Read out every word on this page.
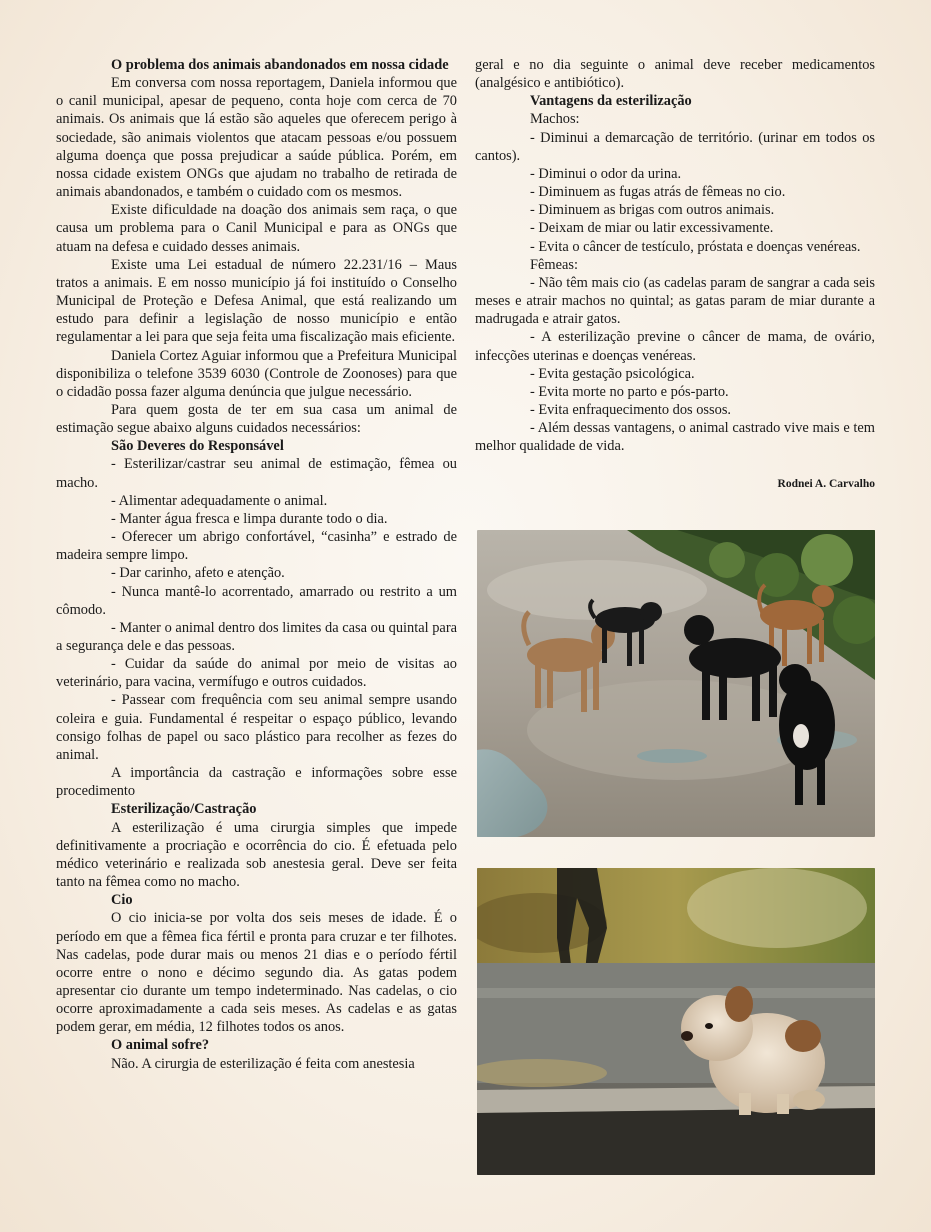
O problema dos animais abandonados em nossa cidade

Em conversa com nossa reportagem, Daniela informou que o canil municipal, apesar de pequeno, conta hoje com cerca de 70 animais. Os animais que lá estão são aqueles que oferecem perigo à sociedade, são animais violentos que atacam pessoas e/ou possuem alguma doença que possa prejudicar a saúde pública. Porém, em nossa cidade existem ONGs que ajudam no trabalho de retirada de animais abandonados, e também o cuidado com os mesmos.

Existe dificuldade na doação dos animais sem raça, o que causa um problema para o Canil Municipal e para as ONGs que atuam na defesa e cuidado desses animais.

Existe uma Lei estadual de número 22.231/16 – Maus tratos a animais. E em nosso município já foi instituído o Conselho Municipal de Proteção e Defesa Animal, que está realizando um estudo para definir a legislação de nosso município e então regulamentar a lei para que seja feita uma fiscalização mais eficiente.

Daniela Cortez Aguiar informou que a Prefeitura Municipal disponibiliza o telefone 3539 6030 (Controle de Zoonoses) para que o cidadão possa fazer alguma denúncia que julgue necessário.

Para quem gosta de ter em sua casa um animal de estimação segue abaixo alguns cuidados necessários:

São Deveres do Responsável

- Esterilizar/castrar seu animal de estimação, fêmea ou macho.

- Alimentar adequadamente o animal.

- Manter água fresca e limpa durante todo o dia.

- Oferecer um abrigo confortável, “casinha” e estrado de madeira sempre limpo.

- Dar carinho, afeto e atenção.

- Nunca mantê-lo acorrentado, amarrado ou restrito a um cômodo.

- Manter o animal dentro dos limites da casa ou quintal para a segurança dele e das pessoas.

- Cuidar da saúde do animal por meio de visitas ao veterinário, para vacina, vermífugo e outros cuidados.

- Passear com frequência com seu animal sempre usando coleira e guia. Fundamental é respeitar o espaço público, levando consigo folhas de papel ou saco plástico para recolher as fezes do animal.

A importância da castração e informações sobre esse procedimento

Esterilização/Castração

A esterilização é uma cirurgia simples que impede definitivamente a procriação e ocorrência do cio. É efetuada pelo médico veterinário e realizada sob anestesia geral. Deve ser feita tanto na fêmea como no macho.

Cio

O cio inicia-se por volta dos seis meses de idade. É o período em que a fêmea fica fértil e pronta para cruzar e ter filhotes. Nas cadelas, pode durar mais ou menos 21 dias e o período fértil ocorre entre o nono e décimo segundo dia. As gatas podem apresentar cio durante um tempo indeterminado. Nas cadelas, o cio ocorre aproximadamente a cada seis meses. As cadelas e as gatas podem gerar, em média, 12 filhotes todos os anos.

O animal sofre?

Não. A cirurgia de esterilização é feita com anestesia

geral e no dia seguinte o animal deve receber medicamentos (analgésico e antibiótico).

Vantagens da esterilização

Machos:

- Diminui a demarcação de território. (urinar em todos os cantos).

- Diminui o odor da urina.

- Diminuem as fugas atrás de fêmeas no cio.

- Diminuem as brigas com outros animais.

- Deixam de miar ou latir excessivamente.

- Evita o câncer de testículo, próstata e doenças venéreas.

Fêmeas:

- Não têm mais cio (as cadelas param de sangrar a cada seis meses e atrair machos no quintal; as gatas param de miar durante a madrugada e atrair gatos.

- A esterilização previne o câncer de mama, de ovário, infecções uterinas e doenças venéreas.

- Evita gestação psicológica.

- Evita morte no parto e pós-parto.

- Evita enfraquecimento dos ossos.

- Além dessas vantagens, o animal castrado vive mais e tem melhor qualidade de vida.

Rodnei A. Carvalho
